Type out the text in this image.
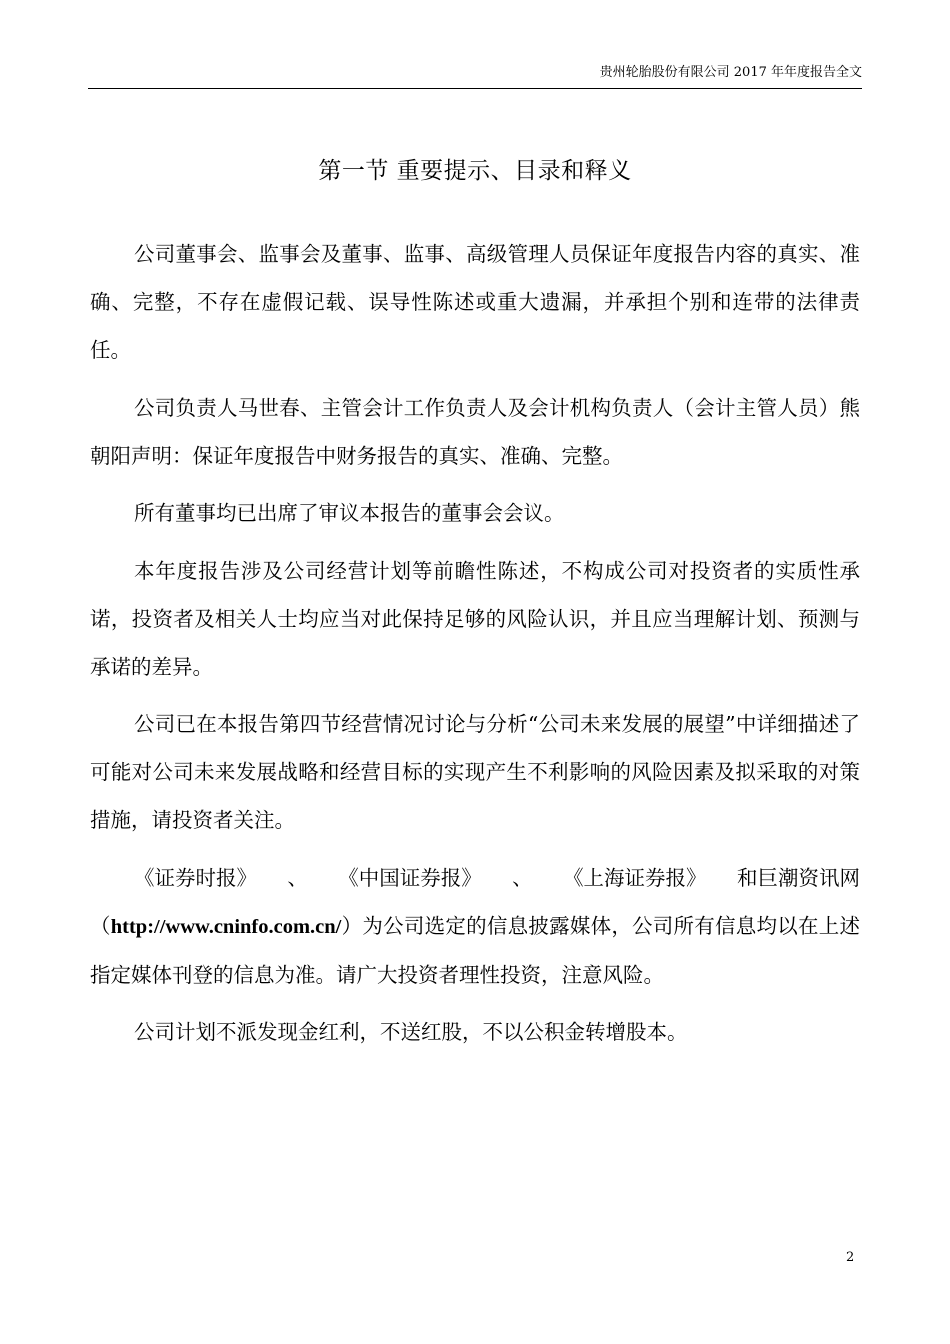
贵州轮胎股份有限公司 2017 年年度报告全文
第一节 重要提示、目录和释义

公司董事会、监事会及董事、监事、高级管理人员保证年度报告内容的真实、准确、完整，不存在虚假记载、误导性陈述或重大遗漏，并承担个别和连带的法律责任。

公司负责人马世春、主管会计工作负责人及会计机构负责人（会计主管人员）熊朝阳声明：保证年度报告中财务报告的真实、准确、完整。

所有董事均已出席了审议本报告的董事会会议。

本年度报告涉及公司经营计划等前瞻性陈述，不构成公司对投资者的实质性承诺，投资者及相关人士均应当对此保持足够的风险认识，并且应当理解计划、预测与承诺的差异。

公司已在本报告第四节经营情况讨论与分析“公司未来发展的展望”中详细描述了可能对公司未来发展战略和经营目标的实现产生不利影响的风险因素及拟采取的对策措施，请投资者关注。

《证券时报》 、 《中国证券报》 、 《上海证券报》 和巨潮资讯网
（http://www.cninfo.com.cn/）为公司选定的信息披露媒体，公司所有信息均以在上述指定媒体刊登的信息为准。请广大投资者理性投资，注意风险。

公司计划不派发现金红利，不送红股，不以公积金转增股本。

2
